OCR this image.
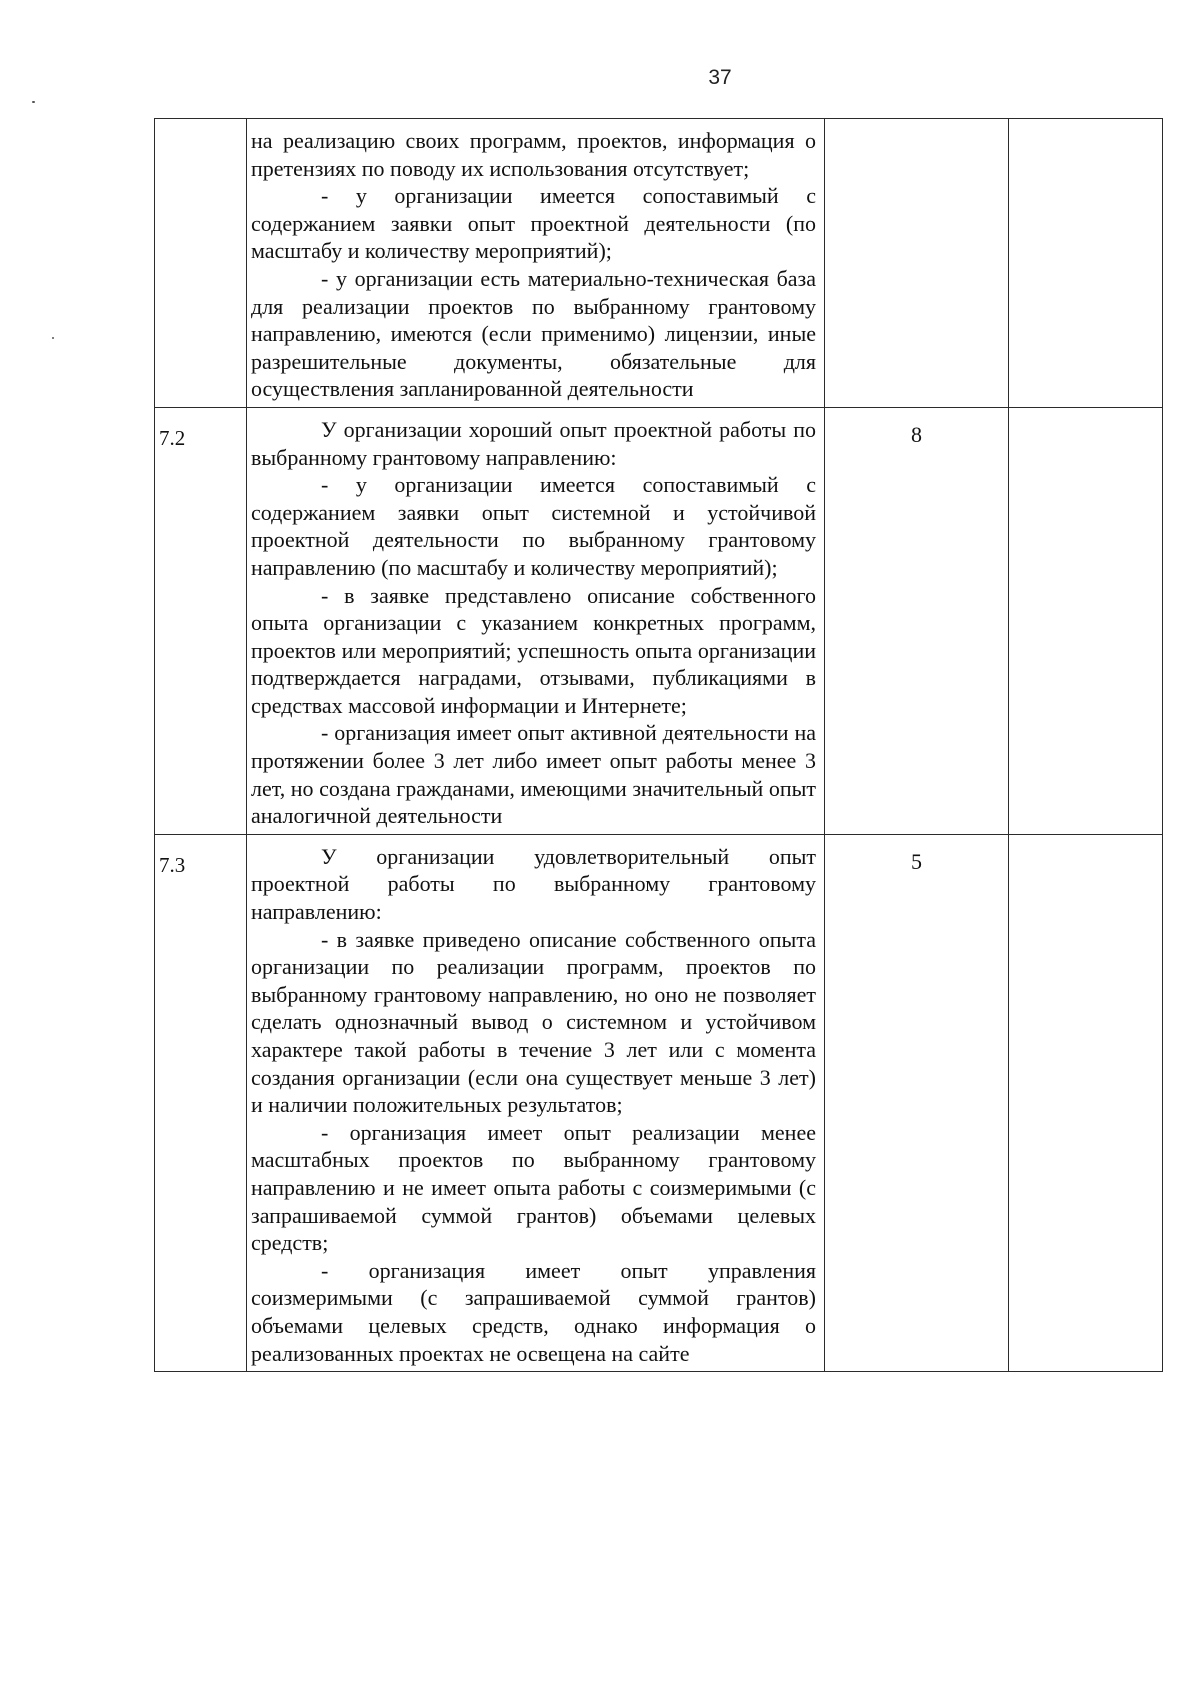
37

	на реализацию своих программ, проектов, информация о претензиях по поводу их использования отсутствует;

- у организации имеется сопоставимый с содержанием заявки опыт проектной деятельности (по масштабу и количеству мероприятий);

- у организации есть материально-техническая база для реализации проектов по выбранному грантовому направлению, имеются (если применимо) лицензии, иные разрешительные документы, обязательные для осуществления запланированной деятельности		

7.2	У организации хороший опыт проектной работы по выбранному грантовому направлению:

- у организации имеется сопоставимый с содержанием заявки опыт системной и устойчивой проектной деятельности по выбранному грантовому направлению (по масштабу и количеству мероприятий);

- в заявке представлено описание собственного опыта организации с указанием конкретных программ, проектов или мероприятий; успешность опыта организации подтверждается наградами, отзывами, публикациями в средствах массовой информации и Интернете;

- организация имеет опыт активной деятельности на протяжении более 3 лет либо имеет опыт работы менее 3 лет, но создана гражданами, имеющими значительный опыт аналогичной деятельности	8	
7.3	У организации удовлетворительный опыт проектной работы по выбранному грантовому направлению:

- в заявке приведено описание собственного опыта организации по реализации программ, проектов по выбранному грантовому направлению, но оно не позволяет сделать однозначный вывод о системном и устойчивом характере такой работы в течение 3 лет или с момента создания организации (если она существует меньше 3 лет) и наличии положительных результатов;

- организация имеет опыт реализации менее масштабных проектов по выбранному грантовому направлению и не имеет опыта работы с соизмеримыми (с запрашиваемой суммой грантов) объемами целевых средств;

- организация имеет опыт управления соизмеримыми (с запрашиваемой суммой грантов) объемами целевых средств, однако информация о реализованных проектах не освещена на сайте	5	
